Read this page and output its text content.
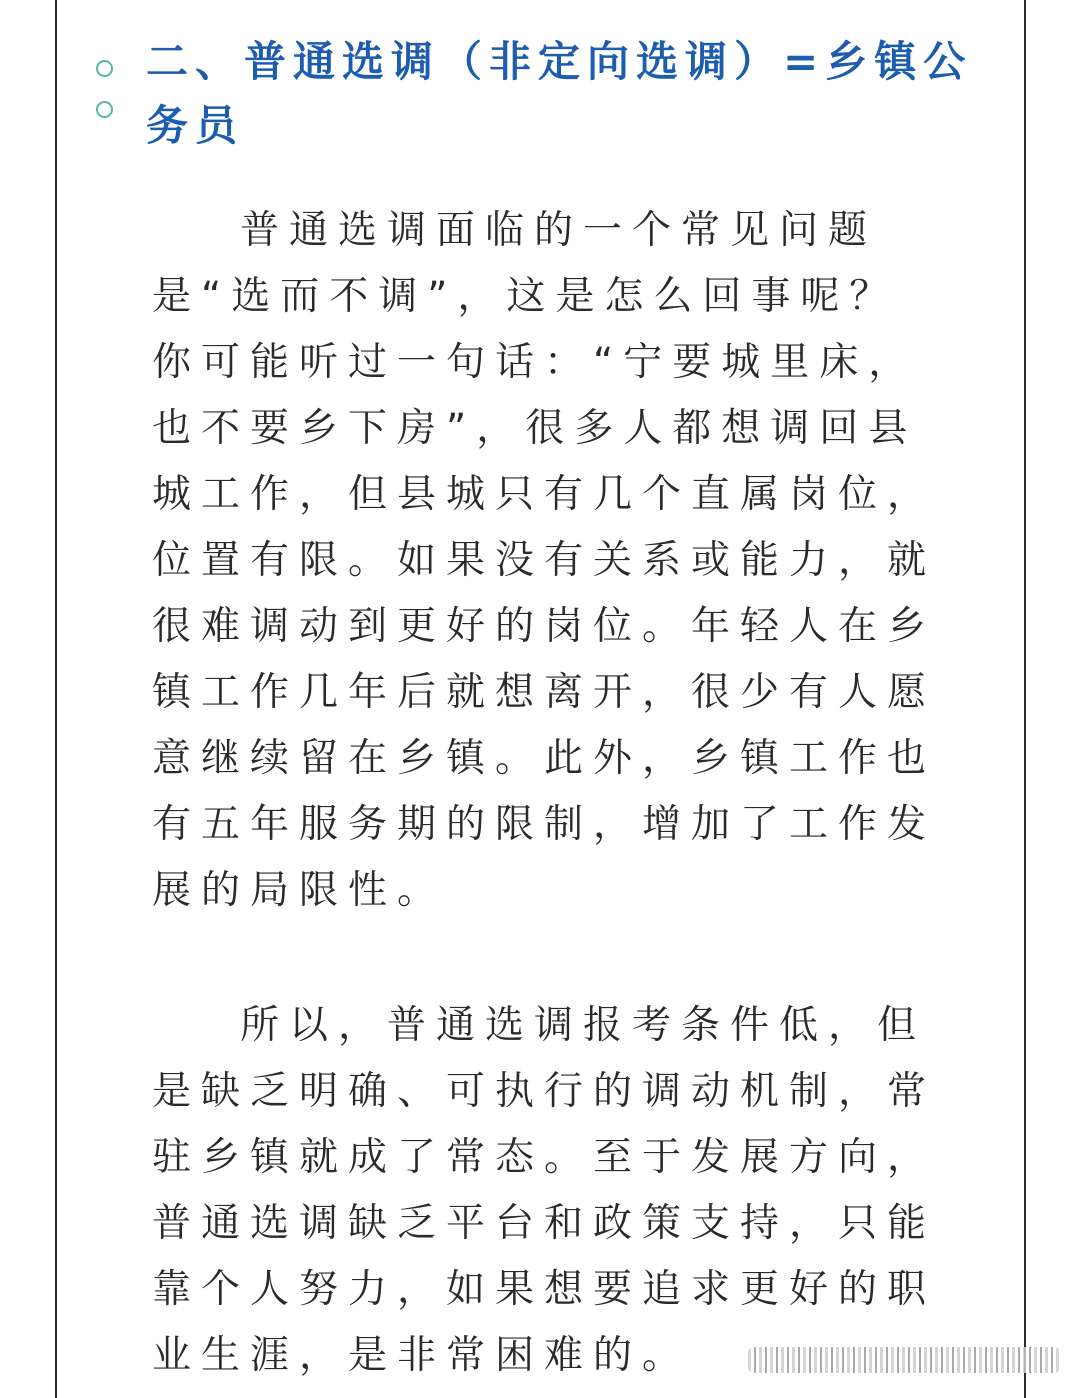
二、普通选调（非定向选调）=乡镇公务员

普通选调面临的一个常见问题是“选而不调”，这是怎么回事呢？你可能听过一句话：“宁要城里床，也不要乡下房”，很多人都想调回县城工作，但县城只有几个直属岗位，位置有限。如果没有关系或能力，就很难调动到更好的岗位。年轻人在乡镇工作几年后就想离开，很少有人愿意继续留在乡镇。此外，乡镇工作也有五年服务期的限制，增加了工作发展的局限性。

所以，普通选调报考条件低，但是缺乏明确、可执行的调动机制，常驻乡镇就成了常态。至于发展方向，普通选调缺乏平台和政策支持，只能靠个人努力，如果想要追求更好的职业生涯，是非常困难的。
